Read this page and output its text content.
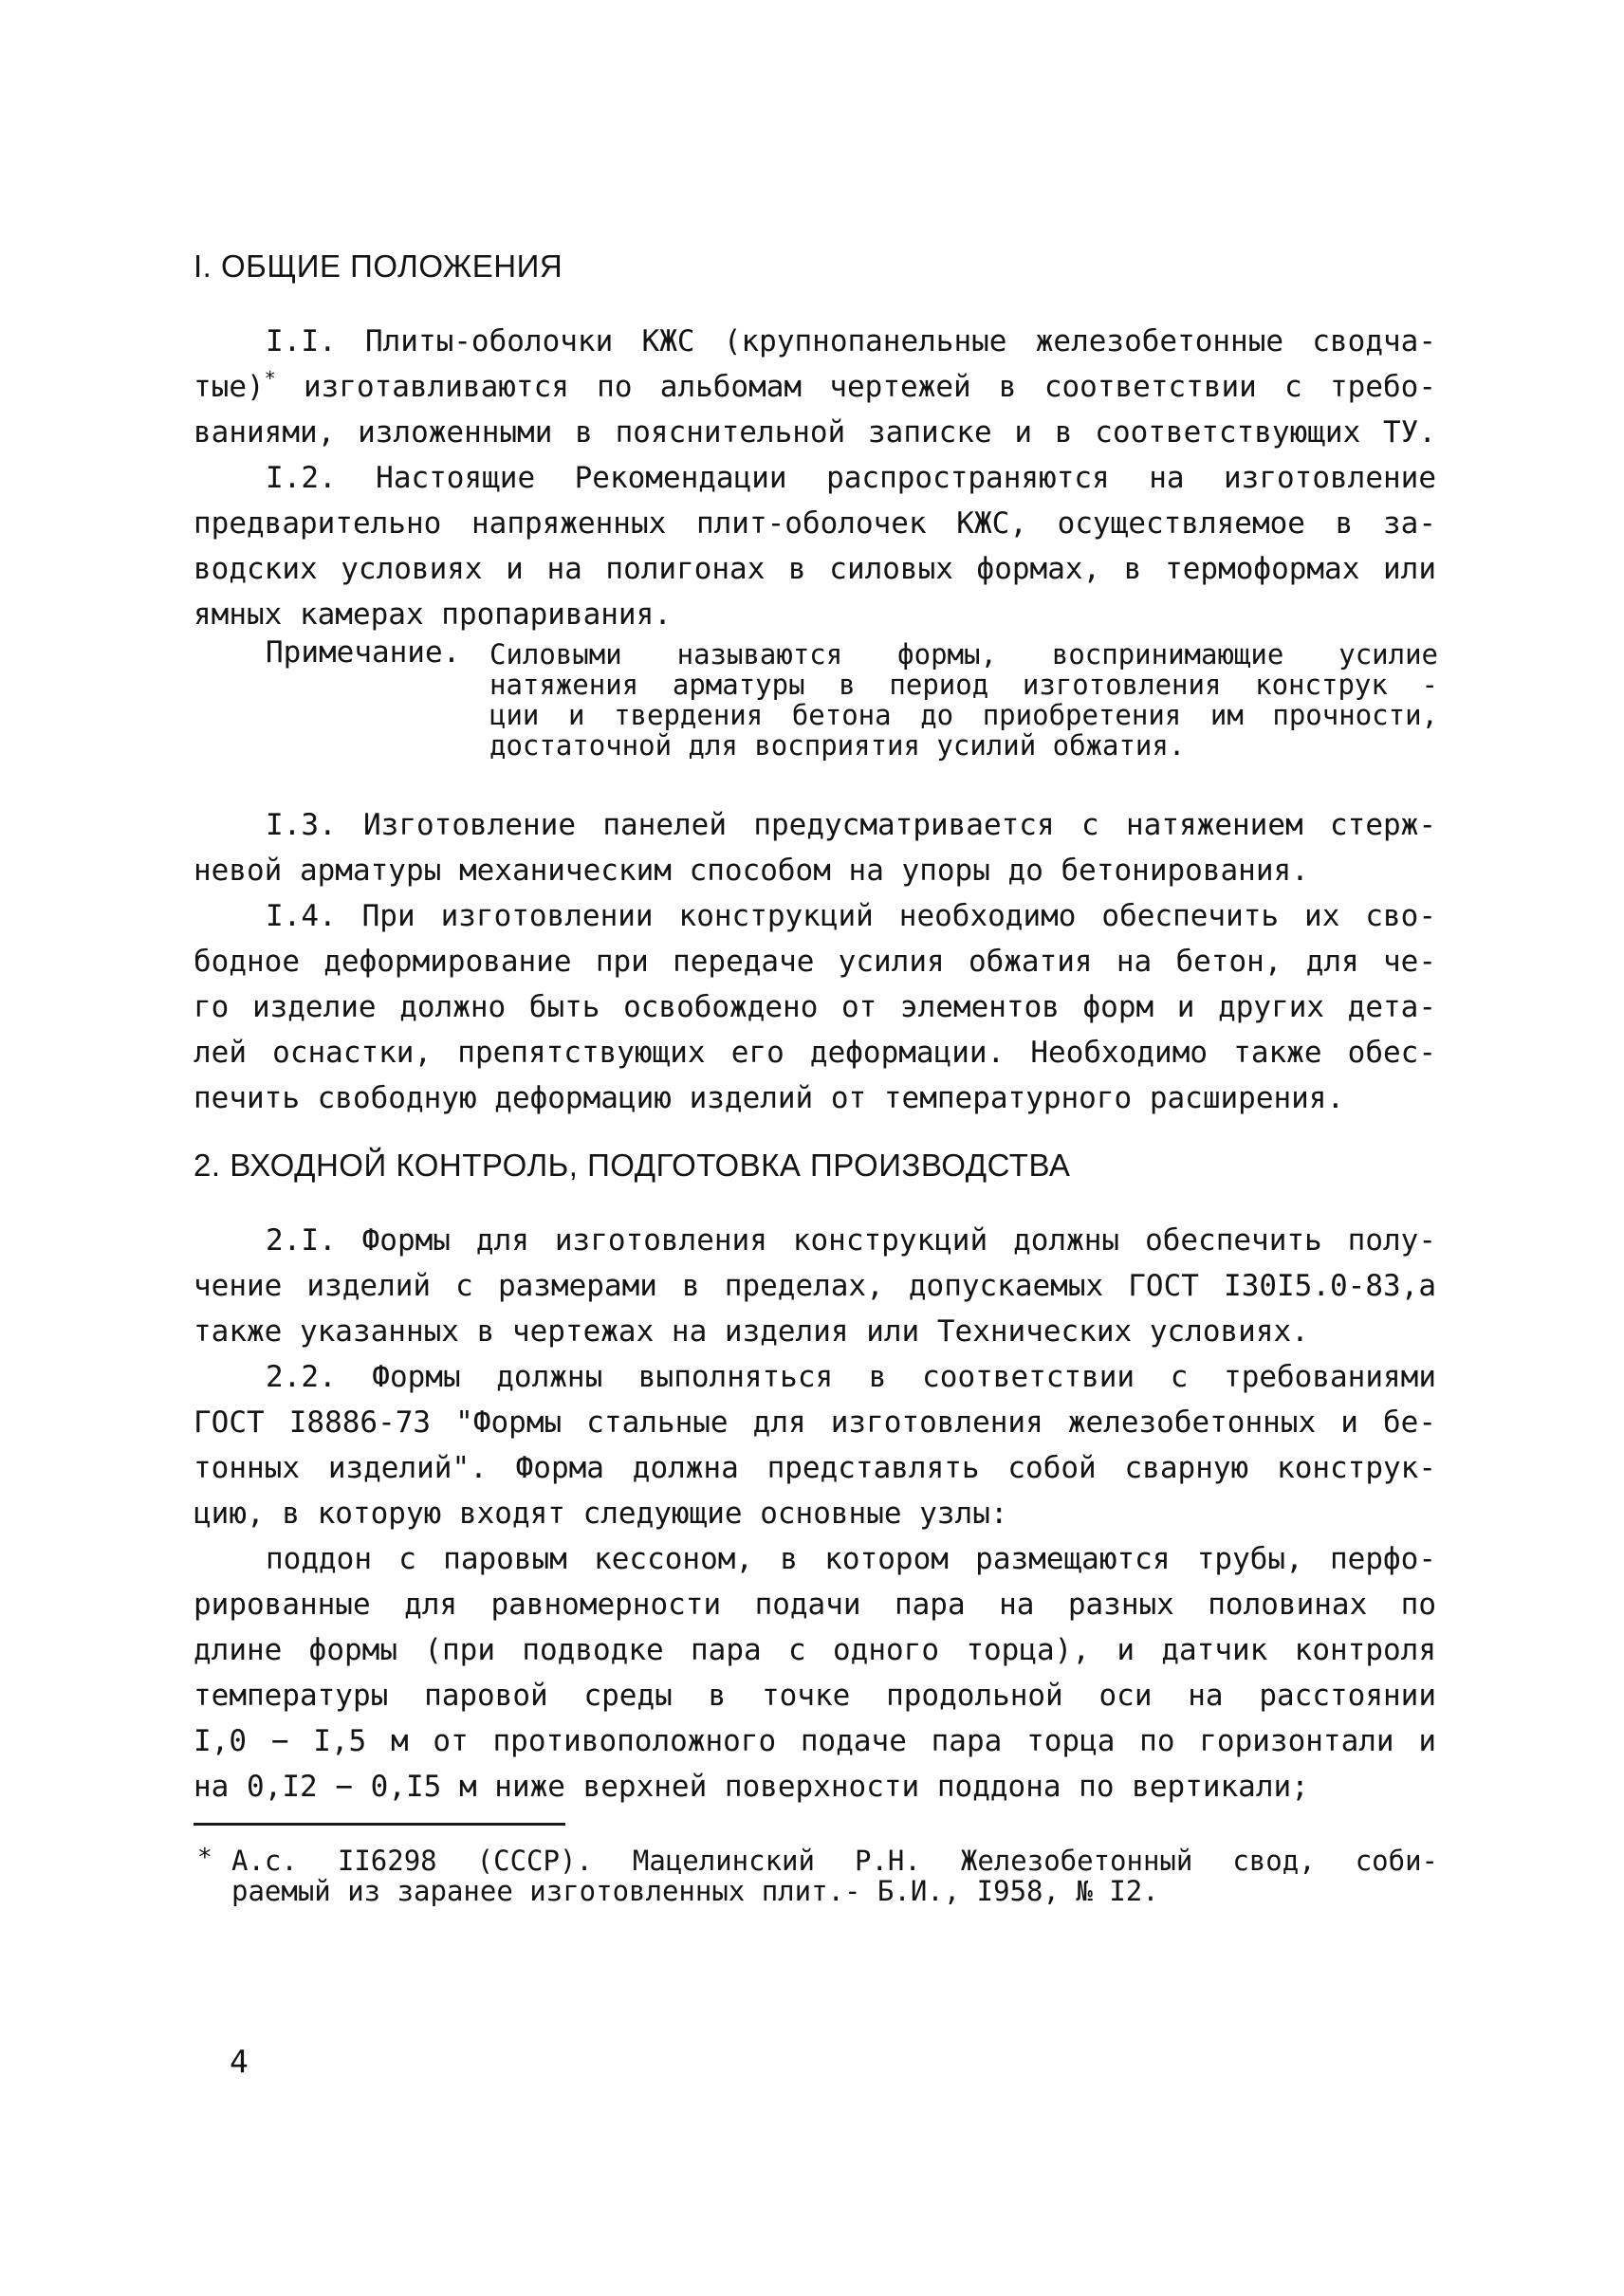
I. ОБЩИЕ ПОЛОЖЕНИЯ
I.I. Плиты-оболочки КЖС (крупнопанельные железобетонные сводча-
тые)* изготавливаются по альбомам чертежей в соответствии с требо-
ваниями, изложенными в пояснительной записке и в соответствующих ТУ.
I.2. Настоящие Рекомендации распространяются на изготовление
предварительно напряженных плит-оболочек КЖС, осуществляемое в за-
водских условиях и на полигонах в силовых формах, в термоформах или
ямных камерах пропаривания.
Примечание. Силовыми называются формы, воспринимающие усилие
натяжения арматуры в период изготовления конструк -
ции и твердения бетона до приобретения им прочности,
достаточной для восприятия усилий обжатия.
I.3. Изготовление панелей предусматривается с натяжением стерж-
невой арматуры механическим способом на упоры до бетонирования.
I.4. При изготовлении конструкций необходимо обеспечить их сво-
бодное деформирование при передаче усилия обжатия на бетон, для че-
го изделие должно быть освобождено от элементов форм и других дета-
лей оснастки, препятствующих его деформации. Необходимо также обес-
печить свободную деформацию изделий от температурного расширения.
2. ВХОДНОЙ КОНТРОЛЬ, ПОДГОТОВКА ПРОИЗВОДСТВА
2.I. Формы для изготовления конструкций должны обеспечить полу-
чение изделий с размерами в пределах, допускаемых ГОСТ I30I5.0-83,а
также указанных в чертежах на изделия или Технических условиях.
2.2. Формы должны выполняться в соответствии с требованиями
ГОСТ I8886-73 "Формы стальные для изготовления железобетонных и бе-
тонных изделий". Форма должна представлять собой сварную конструк-
цию, в которую входят следующие основные узлы:
поддон с паровым кессоном, в котором размещаются трубы, перфо-
рированные для равномерности подачи пара на разных половинах по
длине формы (при подводке пара с одного торца), и датчик контроля
температуры паровой среды в точке продольной оси на расстоянии
I,0 − I,5 м от противоположного подаче пара торца по горизонтали и
на 0,I2 − 0,I5 м ниже верхней поверхности поддона по вертикали;
* А.с. II6298 (СССР). Мацелинский Р.Н. Железобетонный свод, соби-
раемый из заранее изготовленных плит.- Б.И., I958, № I2.
4
